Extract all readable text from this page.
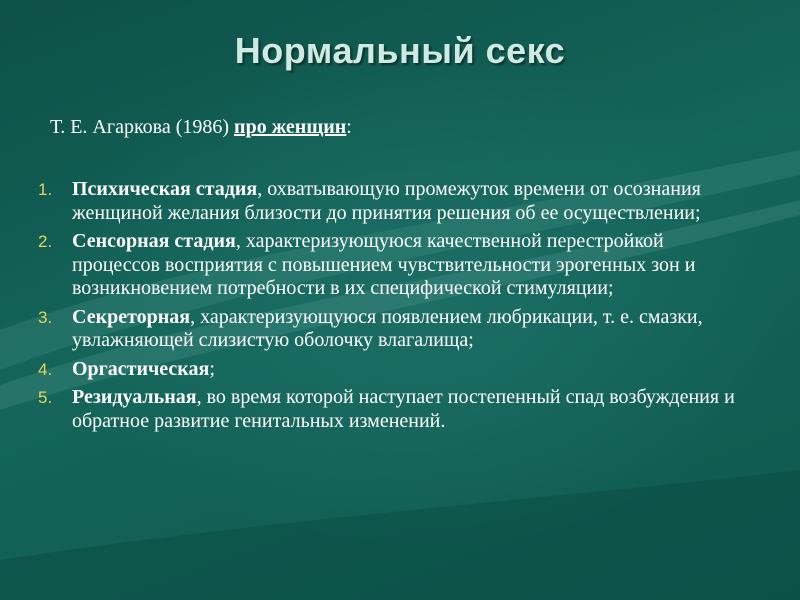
Нормальный секс
Т. Е. Агаркова (1986) про женщин:
1. Психическая стадия, охватывающую промежуток времени от осознания женщиной желания близости до принятия решения об ее осуществлении;
2. Сенсорная стадия, характеризующуюся качественной перестройкой процессов восприятия с повышением чувствительности эрогенных зон и возникновением потребности в их специфической стимуляции;
3. Секреторная, характеризующуюся появлением любрикации, т. е. смазки, увлажняющей слизистую оболочку влагалища;
4. Оргастическая;
5. Резидуальная, во время которой наступает постепенный спад возбуждения и обратное развитие генитальных изменений.
